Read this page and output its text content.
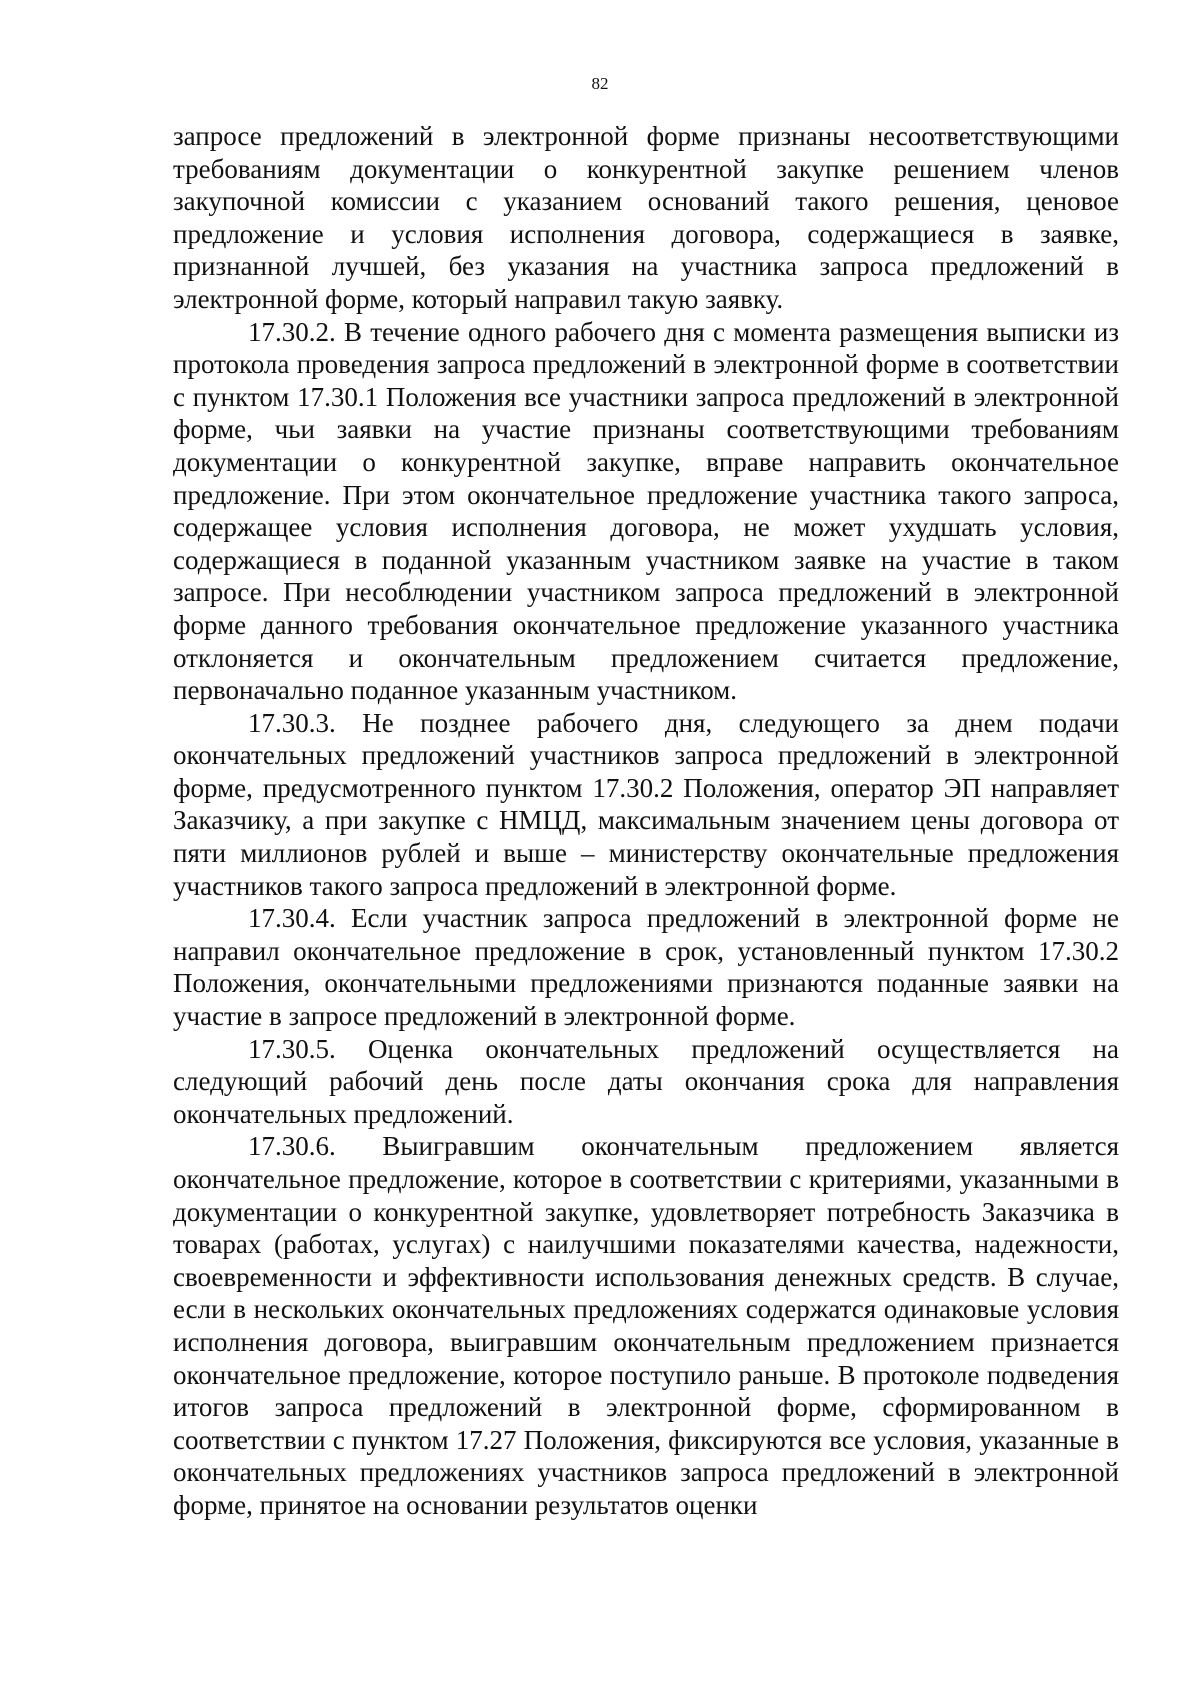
82

запросе предложений в электронной форме признаны несоответствующими требованиям документации о конкурентной закупке решением членов закупочной комиссии с указанием оснований такого решения, ценовое предложение и условия исполнения договора, содержащиеся в заявке, признанной лучшей, без указания на участника запроса предложений в электронной форме, который направил такую заявку.

17.30.2. В течение одного рабочего дня с момента размещения выписки из протокола проведения запроса предложений в электронной форме в соответствии с пунктом 17.30.1 Положения все участники запроса предложений в электронной форме, чьи заявки на участие признаны соответствующими требованиям документации о конкурентной закупке, вправе направить окончательное предложение. При этом окончательное предложение участника такого запроса, содержащее условия исполнения договора, не может ухудшать условия, содержащиеся в поданной указанным участником заявке на участие в таком запросе. При несоблюдении участником запроса предложений в электронной форме данного требования окончательное предложение указанного участника отклоняется и окончательным предложением считается предложение, первоначально поданное указанным участником.

17.30.3. Не позднее рабочего дня, следующего за днем подачи окончательных предложений участников запроса предложений в электронной форме, предусмотренного пунктом 17.30.2 Положения, оператор ЭП направляет Заказчику, а при закупке с НМЦД, максимальным значением цены договора от пяти миллионов рублей и выше – министерству окончательные предложения участников такого запроса предложений в электронной форме.

17.30.4. Если участник запроса предложений в электронной форме не направил окончательное предложение в срок, установленный пунктом 17.30.2 Положения, окончательными предложениями признаются поданные заявки на участие в запросе предложений в электронной форме.

17.30.5. Оценка окончательных предложений осуществляется на следующий рабочий день после даты окончания срока для направления окончательных предложений.

17.30.6. Выигравшим окончательным предложением является окончательное предложение, которое в соответствии с критериями, указанными в документации о конкурентной закупке, удовлетворяет потребность Заказчика в товарах (работах, услугах) с наилучшими показателями качества, надежности, своевременности и эффективности использования денежных средств. В случае, если в нескольких окончательных предложениях содержатся одинаковые условия исполнения договора, выигравшим окончательным предложением признается окончательное предложение, которое поступило раньше. В протоколе подведения итогов запроса предложений в электронной форме, сформированном в соответствии с пунктом 17.27 Положения, фиксируются все условия, указанные в окончательных предложениях участников запроса предложений в электронной форме, принятое на основании результатов оценки
